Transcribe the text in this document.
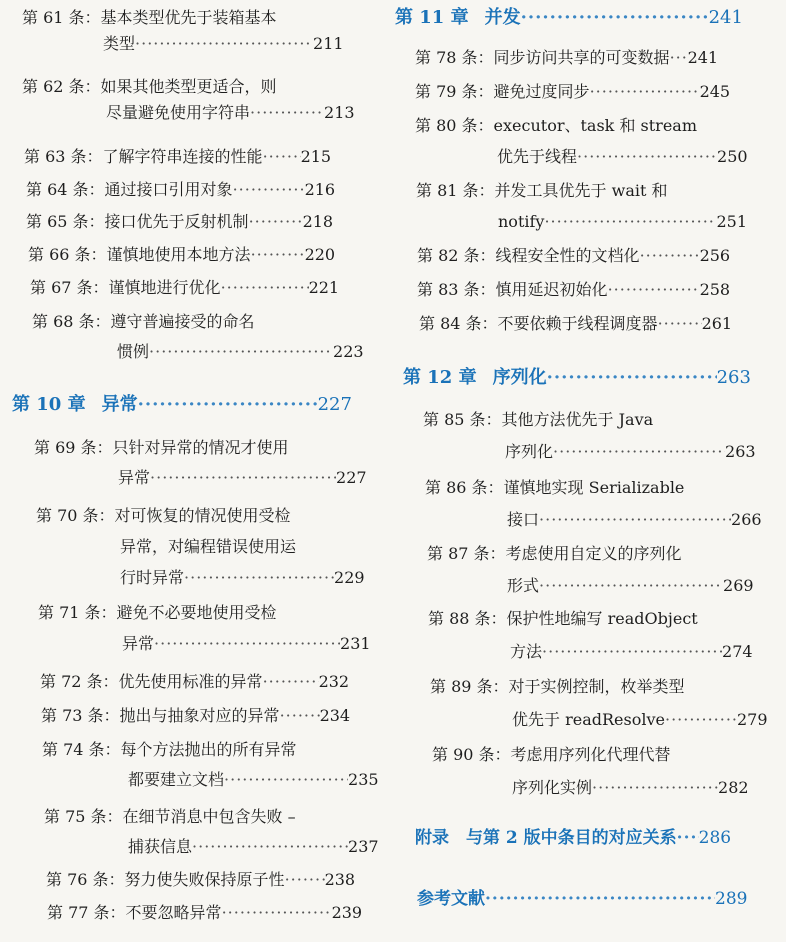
第 61 条：基本类型优先于装箱基本
类型 ·····	211
第 62 条：如果其他类型更适合，则
尽量避免使用字符串 ·····	213
第 63 条：了解字符串连接的性能 ····· 215
第 64 条：通过接口引用对象 ·····	216
第 65 条：接口优先于反射机制 ·····	218
第 66 条：谨慎地使用本地方法 ·····	220
第 67 条：谨慎地进行优化 ·····	221
第 68 条：遵守普遍接受的命名
惯例 ·····	223
第 10 章 异常 ·····	227
第 69 条：只针对异常的情况才使用
异常 ·····	227
第 70 条：对可恢复的情况使用受检
异常，对编程错误使用运
行时异常 ·····	229
第 71 条：避免不必要地使用受检
异常 ·····	231
第 72 条：优先使用标准的异常 ·····	232
第 73 条：抛出与抽象对应的异常 ·····	234
第 74 条：每个方法抛出的所有异常
都要建立文档 ·····	235
第 75 条：在细节消息中包含失败 –
捕获信息 ·····	237
第 76 条：努力使失败保持原子性 ·····	238
第 77 条：不要忽略异常 ·····	239
第 11 章 并发 ·····	241
第 78 条：同步访问共享的可变数据 ····· 241
第 79 条：避免过度同步 ·····	245
第 80 条：executor、task 和 stream
优先于线程 ·····	250
第 81 条：并发工具优先于 wait 和
notify ·····	251
第 82 条：线程安全性的文档化 ·····	256
第 83 条：慎用延迟初始化 ·····	258
第 84 条：不要依赖于线程调度器 ·····	261
第 12 章 序列化 ·····	263
第 85 条：其他方法优先于 Java
序列化 ·····	263
第 86 条：谨慎地实现 Serializable
接口 ·····	266
第 87 条：考虑使用自定义的序列化
形式 ·····	269
第 88 条：保护性地编写 readObject
方法 ·····	274
第 89 条：对于实例控制，枚举类型
优先于 readResolve ·····	279
第 90 条：考虑用序列化代理代替
序列化实例 ·····	282
附录　与第 2 版中条目的对应关系 ····· 286
参考文献 ·····	289
